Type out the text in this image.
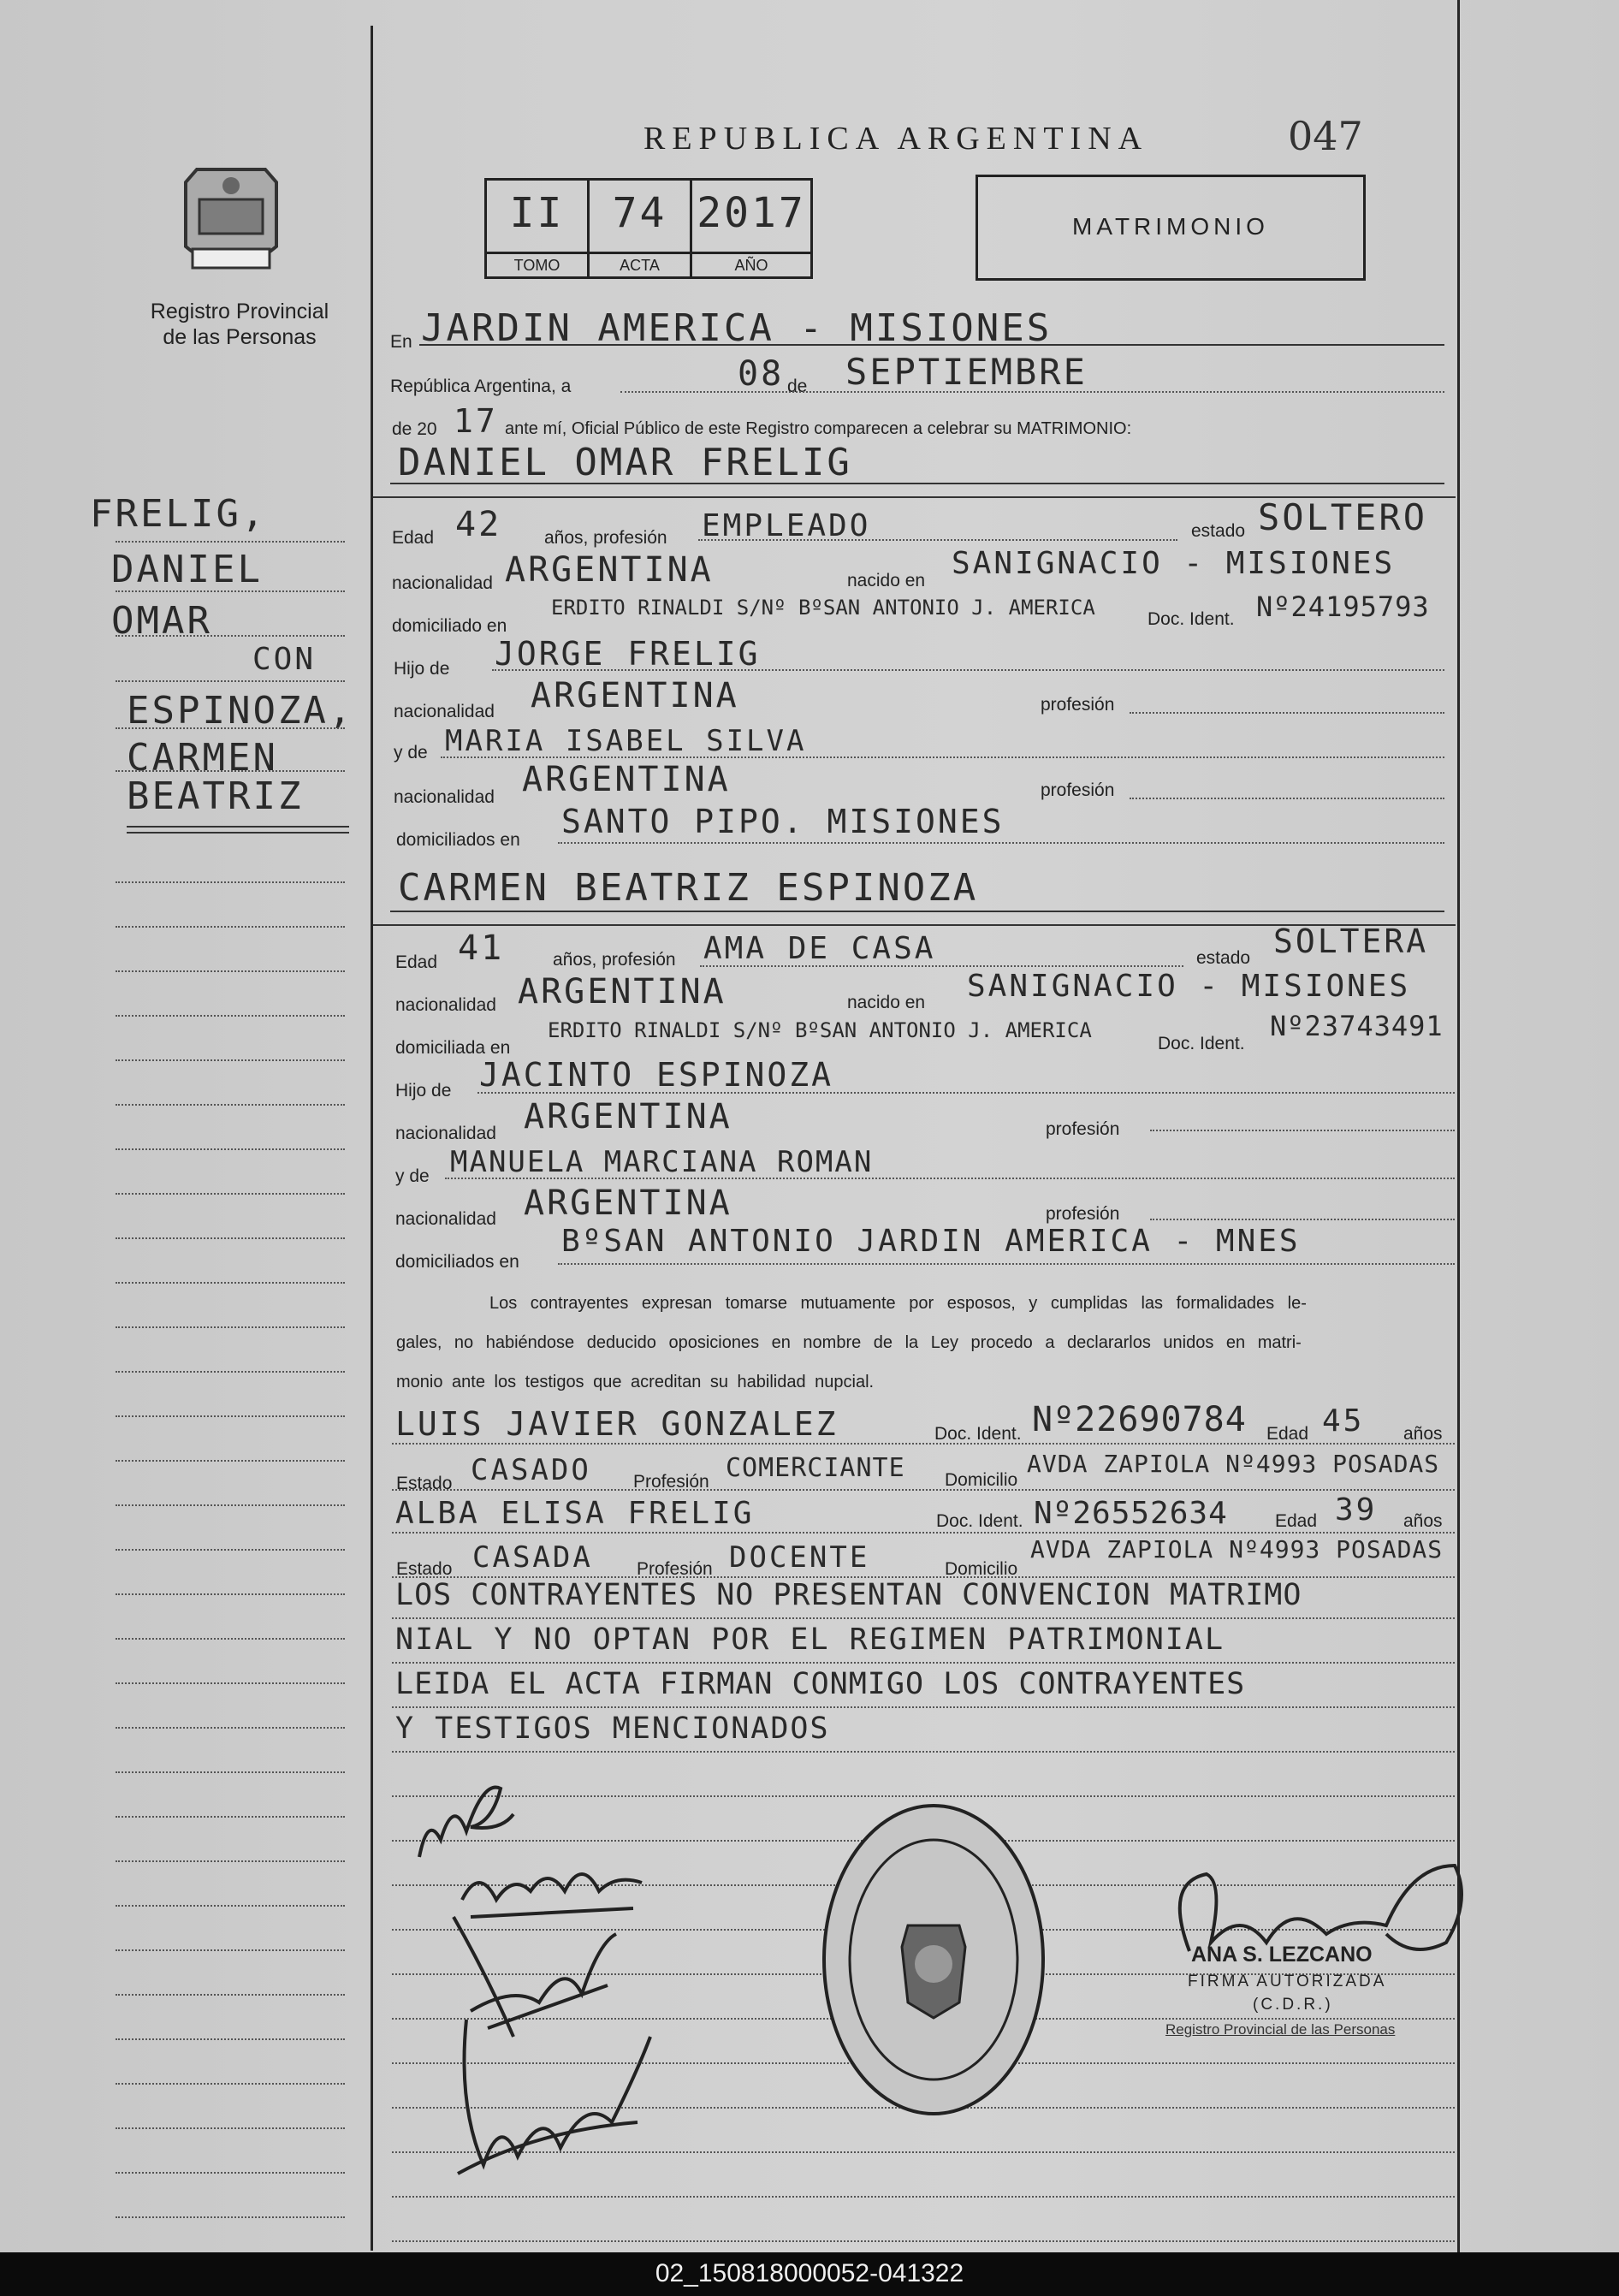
REPUBLICA ARGENTINA	047
II
TOMO
74
ACTA
2017
AÑO
MATRIMONIO
Registro Provincial
de las Personas
FRELIG,
DANIEL
OMAR
CON
ESPINOZA,
CARMEN
BEATRIZ
En JARDIN AMERICA - MISIONES
República Argentina, a	08 de SEPTIEMBRE
de 20 17 ante mí, Oficial Público de este Registro comparecen a celebrar su MATRIMONIO:
DANIEL OMAR FRELIG
Edad 42 años, profesión EMPLEADO	estado SOLTERO
nacionalidad ARGENTINA	nacido en SANIGNACIO - MISIONES
domiciliado en
ERDITO RINALDI S/Nº BºSAN ANTONIO J. AMERICA	Doc. Ident. Nº24195793
Hijo de JORGE FRELIG
nacionalidad ARGENTINA	profesión
y de MARIA ISABEL SILVA
nacionalidad ARGENTINA	profesión
domiciliados en SANTO PIPO. MISIONES
CARMEN BEATRIZ ESPINOZA
Edad 41	años, profesión AMA DE CASA	estado SOLTERA
nacionalidad ARGENTINA	nacido en SANIGNACIO - MISIONES
domiciliada en
ERDITO RINALDI S/Nº BºSAN ANTONIO J. AMERICA
Doc. Ident.
Nº23743491
Hijo de JACINTO ESPINOZA
nacionalidad ARGENTINA	profesión
y de MANUELA MARCIANA ROMAN
nacionalidad ARGENTINA	profesión
domiciliados en
BºSAN ANTONIO JARDIN AMERICA - MNES
Los contrayentes expresan tomarse mutuamente por esposos, y cumplidas las formalidades le-
gales, no habiéndose deducido oposiciones en nombre de la Ley procedo a declararlos unidos en matri-
monio ante los testigos que acreditan su habilidad nupcial.
LUIS JAVIER GONZALEZ	Doc. Ident. Nº22690784 Edad 45 años
Estado CASADO Profesión COMERCIANTE Domicilio
AVDA ZAPIOLA Nº4993 POSADAS
ALBA ELISA FRELIG	Doc. Ident. Nº26552634	Edad 39 años
Estado CASADA Profesión DOCENTE	Domicilio
AVDA ZAPIOLA Nº4993 POSADAS
LOS CONTRAYENTES NO PRESENTAN CONVENCION MATRIMO
NIAL Y NO OPTAN POR EL REGIMEN PATRIMONIAL
LEIDA EL ACTA FIRMAN CONMIGO LOS CONTRAYENTES
Y TESTIGOS MENCIONADOS
ANA S. LEZCANO
FIRMA AUTORIZADA
(C.D.R.)
Registro Provincial de las Personas
02_150818000052-041322
